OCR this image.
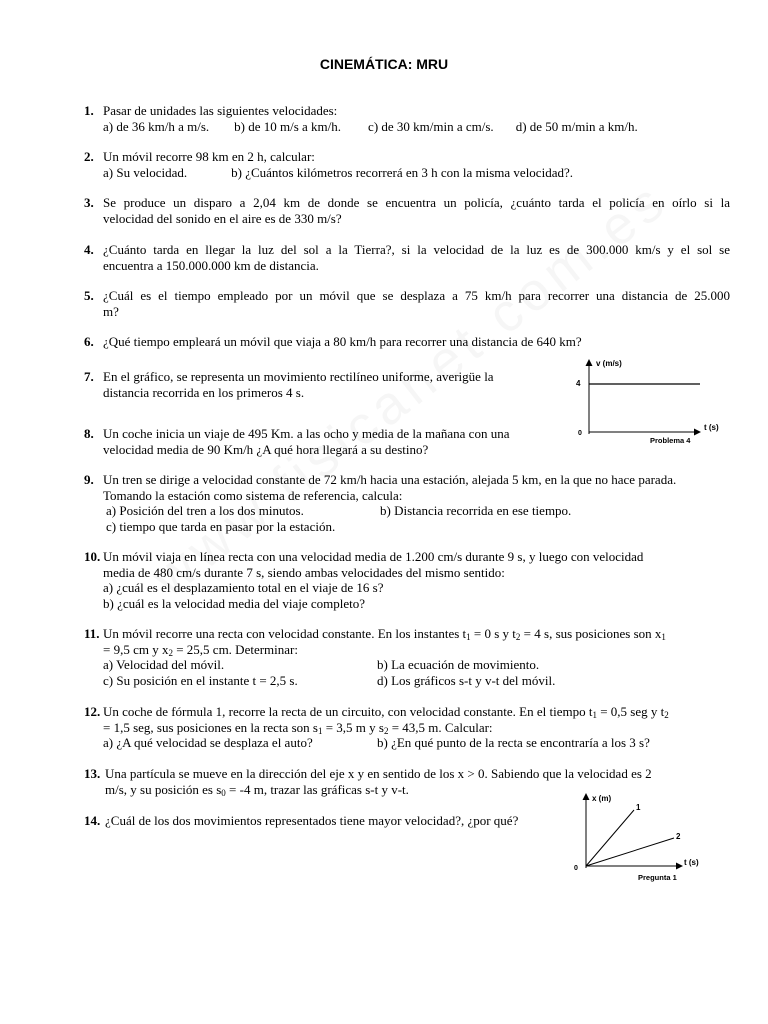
CINEMÁTICA: MRU
1. Pasar de unidades las siguientes velocidades:
a) de 36 km/h a m/s. b) de 10 m/s a km/h. c) de 30 km/min a cm/s. d) de 50 m/min a km/h.
2. Un móvil recorre 98 km en 2 h, calcular:
a) Su velocidad.	b) ¿Cuántos kilómetros recorrerá en 3 h con la misma velocidad?.
3. Se produce un disparo a 2,04 km de donde se encuentra un policía, ¿cuánto tarda el policía en oírlo si la
velocidad del sonido en el aire es de 330 m/s?
4. ¿Cuánto tarda en llegar la luz del sol a la Tierra?, si la velocidad de la luz es de 300.000 km/s y el sol se
encuentra a 150.000.000 km de distancia.
5. ¿Cuál es el tiempo empleado por un móvil que se desplaza a 75 km/h para recorrer una distancia de 25.000
m?
6. ¿Qué tiempo empleará un móvil que viaja a 80 km/h para recorrer una distancia de 640 km?
7. En el gráfico, se representa un movimiento rectilíneo uniforme, averigüe la
distancia recorrida en los primeros 4 s.
8. Un coche inicia un viaje de 495 Km. a las ocho y media de la mañana con una
velocidad media de 90 Km/h ¿A qué hora llegará a su destino?
9. Un tren se dirige a velocidad constante de 72 km/h hacia una estación, alejada 5 km, en la que no hace parada.
Tomando la estación como sistema de referencia, calcula:
a) Posición del tren a los dos minutos.	b) Distancia recorrida en ese tiempo.
c) tiempo que tarda en pasar por la estación.
10. Un móvil viaja en línea recta con una velocidad media de 1.200 cm/s durante 9 s, y luego con velocidad
media de 480 cm/s durante 7 s, siendo ambas velocidades del mismo sentido:
a) ¿cuál es el desplazamiento total en el viaje de 16 s?
b) ¿cuál es la velocidad media del viaje completo?
11. Un móvil recorre una recta con velocidad constante. En los instantes $t_1 = 0$ s y $t_2 = 4$ s, sus posiciones son $x_1$
= 9,5 cm y $x_2 = 25,5$ cm. Determinar:
a) Velocidad del móvil.	b) La ecuación de movimiento.
c) Su posición en el instante t = 2,5 s.	d) Los gráficos s-t y v-t del móvil.
12. Un coche de fórmula 1, recorre la recta de un circuito, con velocidad constante. En el tiempo $t_1 = 0,5$ seg y $t_2$
= 1,5 seg, sus posiciones en la recta son $s_1 = 3,5$ m y $s_2 = 43,5$ m. Calcular:
a) ¿A qué velocidad se desplaza el auto?	b) ¿En qué punto de la recta se encontraría a los 3 s?
13. Una partícula se mueve en la dirección del eje x y en sentido de los x > 0. Sabiendo que la velocidad es 2
m/s, y su posición es $s_0 = -4$ m, trazar las gráficas s-t y v-t.
14. ¿Cuál de los dos movimientos representados tiene mayor velocidad?, ¿por qué?
v (m/s)
4
0
t (s)
Problema 4
x (m)
1
2
0
t (s)
Pregunta 1
